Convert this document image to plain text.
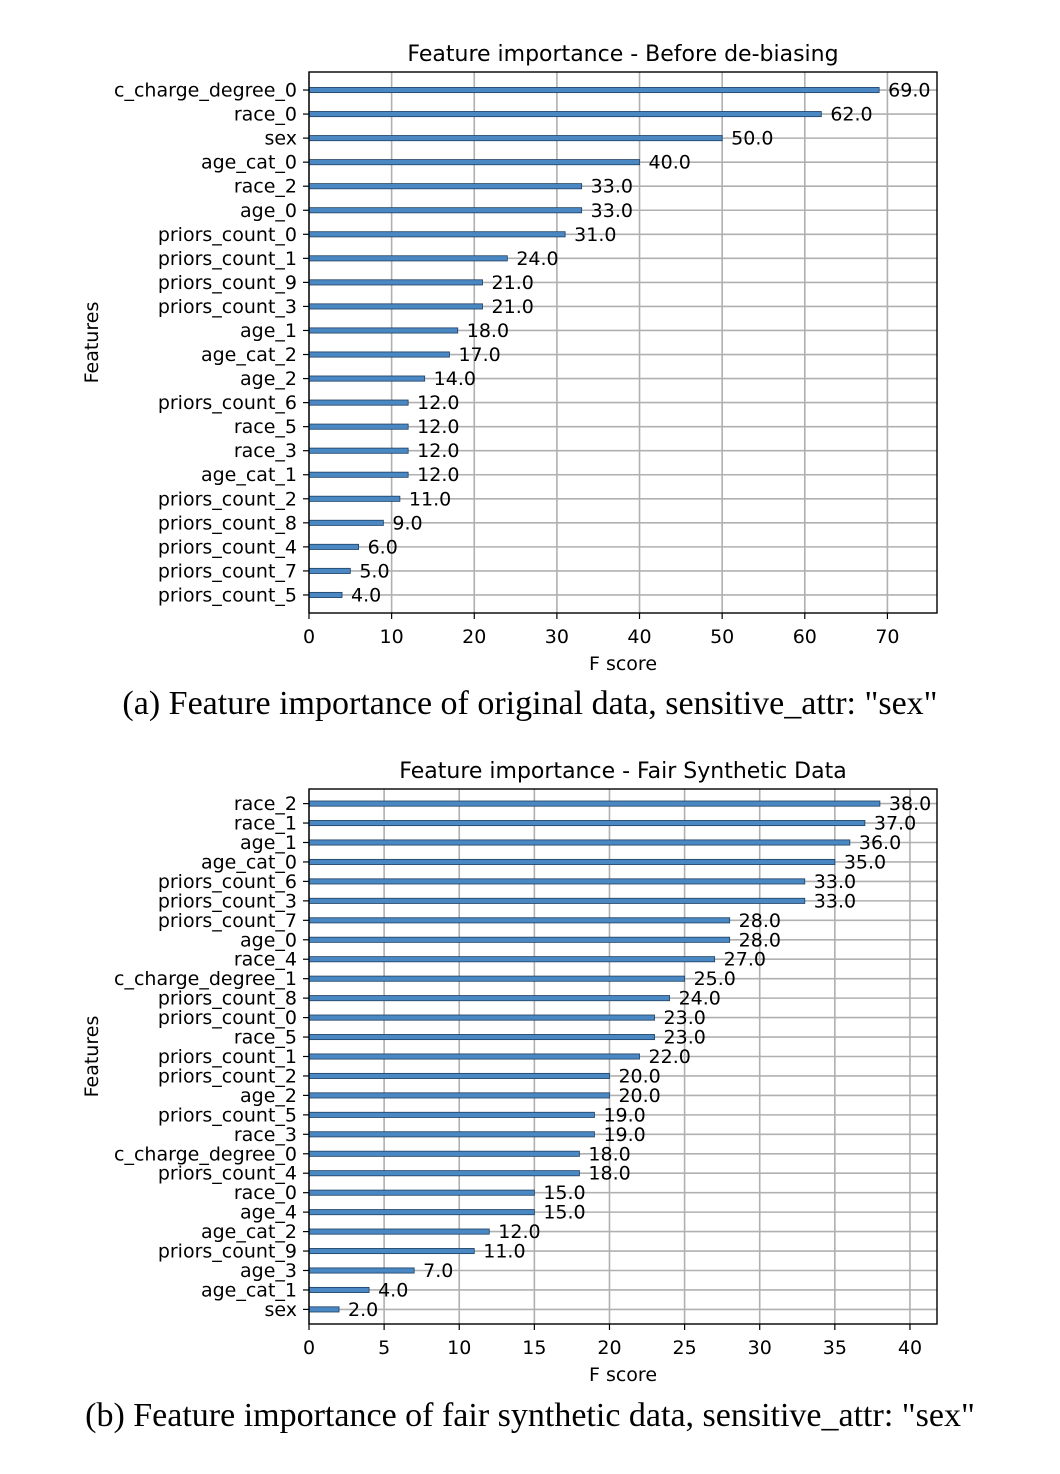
69.0
62.0
50.0
40.0
33.0
33.0
31.0
24.0
21.0
21.0
18.0
17.0
14.0
12.0
12.0
12.0
12.0
11.0
9.0
6.0
5.0
4.0
c_charge_degree_0
race_0
sex
age_cat_0
race_2
age_0
priors_count_0
priors_count_1
priors_count_9
priors_count_3
age_1
age_cat_2
age_2
priors_count_6
race_5
race_3
age_cat_1
priors_count_2
priors_count_8
priors_count_4
priors_count_7
priors_count_5
0	10	20	30	40	50	60	70
Feature importance - Before de-biasing
F score
Features
(a) Feature importance of original data, sensitive_attr: "sex"
38.0
37.0
36.0
35.0
33.0
33.0
28.0
28.0
27.0
25.0
24.0
23.0
23.0
22.0
20.0
20.0
19.0
19.0
18.0
18.0
15.0
15.0
12.0
11.0
7.0
4.0
2.0
race_2
race_1
age_1
age_cat_0
priors_count_6
priors_count_3
priors_count_7
age_0
race_4
c_charge_degree_1
priors_count_8
priors_count_0
race_5
priors_count_1
priors_count_2
age_2
priors_count_5
race_3
c_charge_degree_0
priors_count_4
race_0
age_4
age_cat_2
priors_count_9
age_3
age_cat_1
sex
0	5	10	15	20	25	30	35	40
Feature importance - Fair Synthetic Data
F score
Features
(b) Feature importance of fair synthetic data, sensitive_attr: "sex"
